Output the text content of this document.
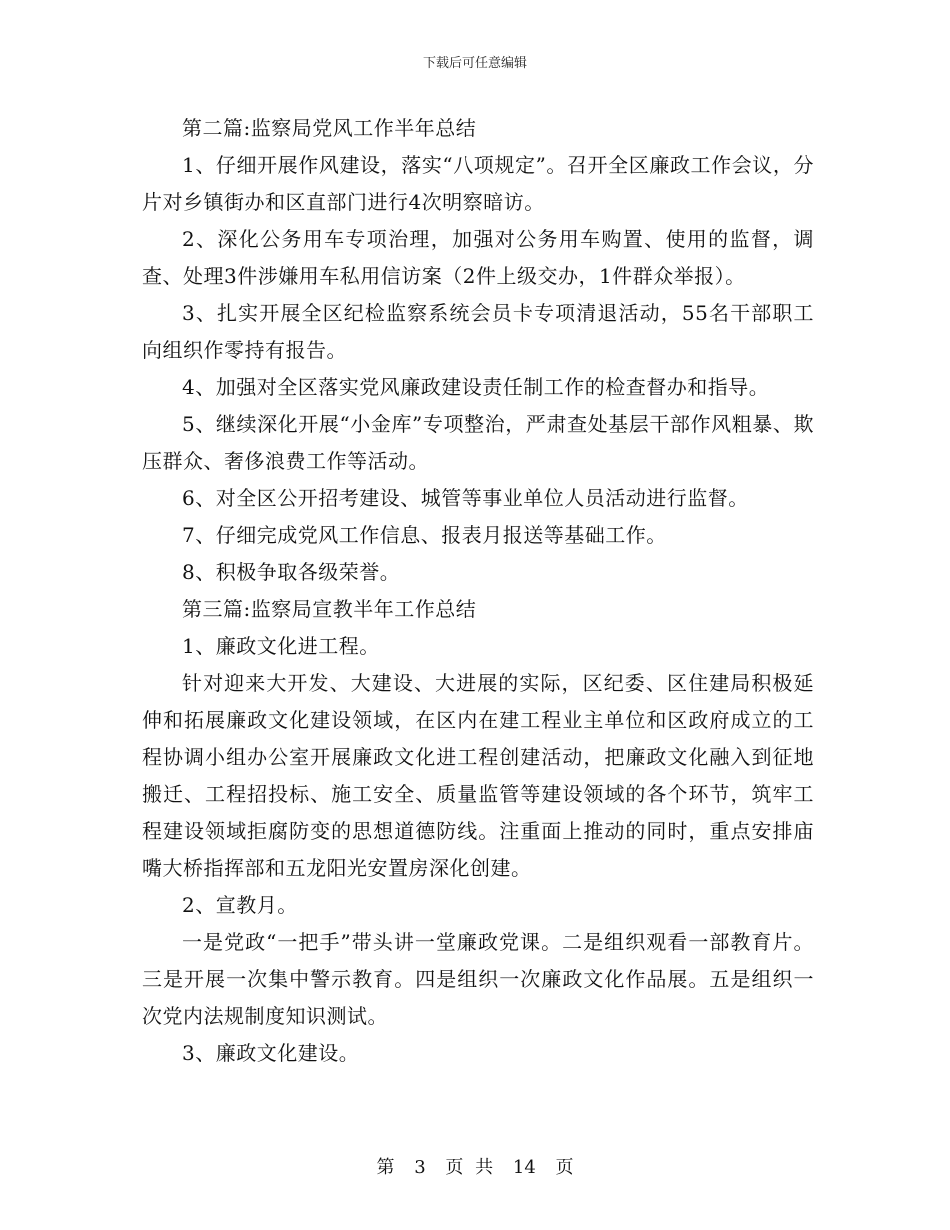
下载后可任意编辑

第二篇:监察局党风工作半年总结

1、仔细开展作风建设，落实“八项规定”。召开全区廉政工作会议，分片对乡镇街办和区直部门进行4次明察暗访。

2、深化公务用车专项治理，加强对公务用车购置、使用的监督，调查、处理3件涉嫌用车私用信访案（2件上级交办，1件群众举报）。

3、扎实开展全区纪检监察系统会员卡专项清退活动，55名干部职工向组织作零持有报告。

4、加强对全区落实党风廉政建设责任制工作的检查督办和指导。

5、继续深化开展“小金库”专项整治，严肃查处基层干部作风粗暴、欺压群众、奢侈浪费工作等活动。

6、对全区公开招考建设、城管等事业单位人员活动进行监督。

7、仔细完成党风工作信息、报表月报送等基础工作。

8、积极争取各级荣誉。

第三篇:监察局宣教半年工作总结

1、廉政文化进工程。

针对迎来大开发、大建设、大进展的实际，区纪委、区住建局积极延伸和拓展廉政文化建设领域，在区内在建工程业主单位和区政府成立的工程协调小组办公室开展廉政文化进工程创建活动，把廉政文化融入到征地搬迁、工程招投标、施工安全、质量监管等建设领域的各个环节，筑牢工程建设领域拒腐防变的思想道德防线。注重面上推动的同时，重点安排庙嘴大桥指挥部和五龙阳光安置房深化创建。

2、宣教月。

一是党政“一把手”带头讲一堂廉政党课。二是组织观看一部教育片。三是开展一次集中警示教育。四是组织一次廉政文化作品展。五是组织一次党内法规制度知识测试。

3、廉政文化建设。

第 3 页 共 14 页
